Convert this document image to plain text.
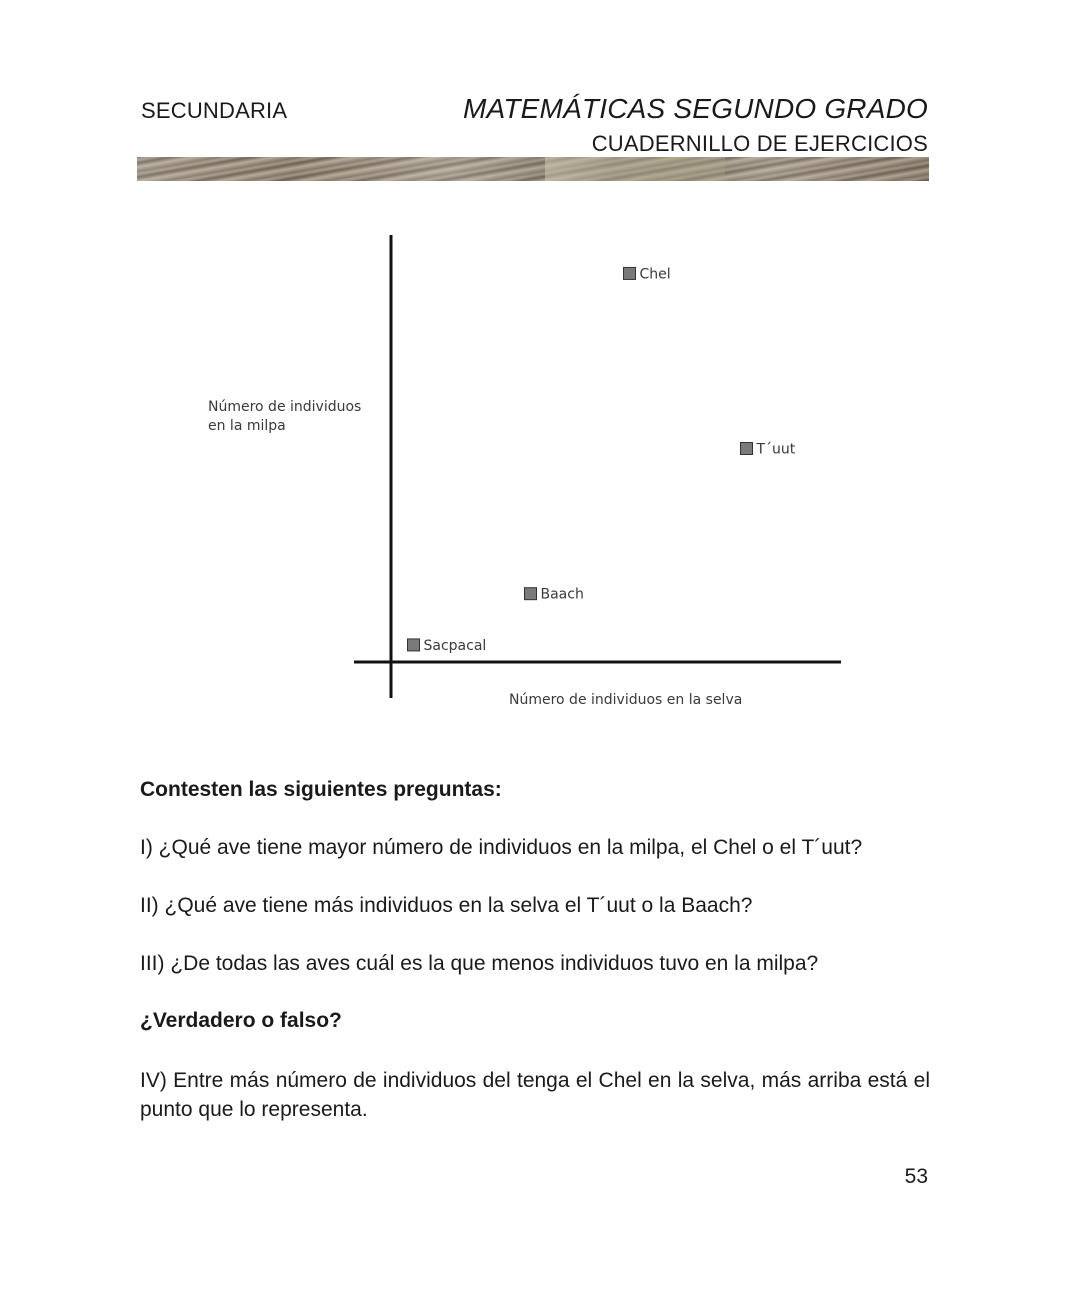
SECUNDARIA	MATEMÁTICAS SEGUNDO GRADO
CUADERNILLO DE EJERCICIOS
Número de individuos
en la milpa
Número de individuos en la selva
Chel
T´uut
Baach
Sacpacal
Contesten las siguientes preguntas:
I) ¿Qué ave tiene mayor número de individuos en la milpa, el Chel o el T´uut?
II) ¿Qué ave tiene más individuos en la selva el T´uut o la Baach?
III) ¿De todas las aves cuál es la que menos individuos tuvo en la milpa?
¿Verdadero o falso?
IV) Entre más número de individuos del tenga el Chel en la selva, más arriba está el punto que lo representa.
53
